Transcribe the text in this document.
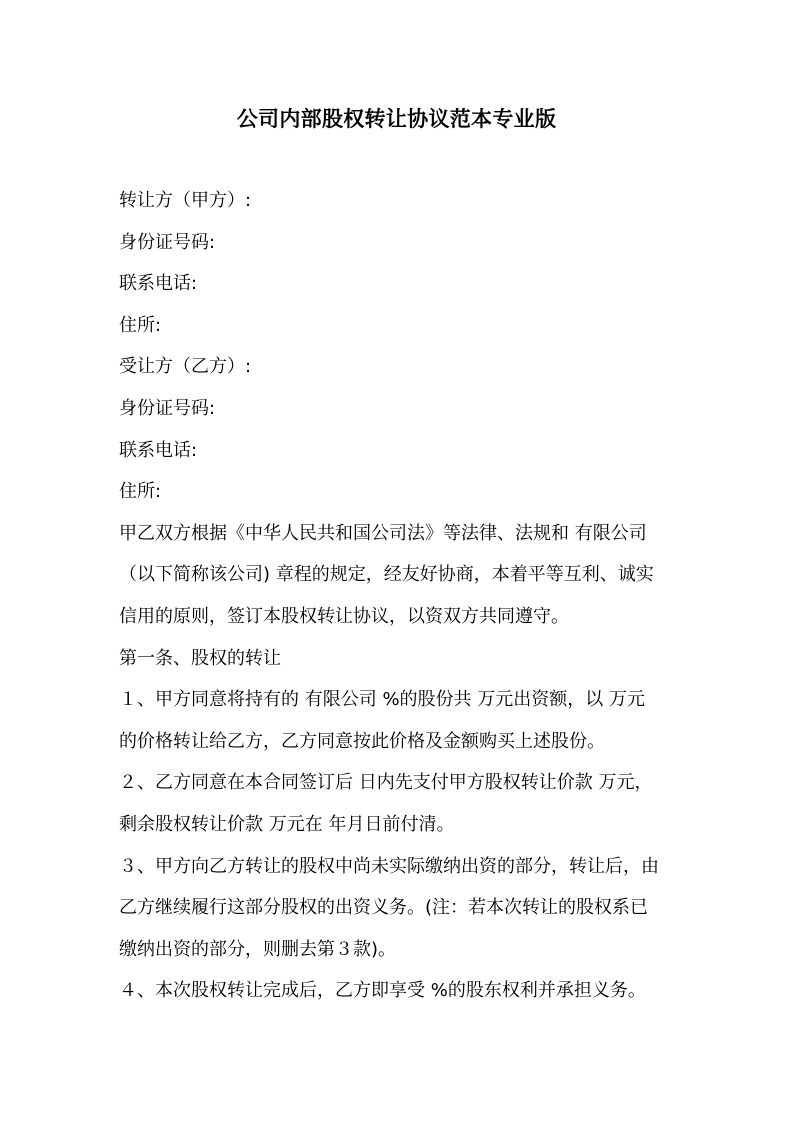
公司内部股权转让协议范本专业版
转让方（甲方）:
身份证号码:
联系电话:
住所:
受让方（乙方）:
身份证号码:
联系电话:
住所:
甲乙双方根据《中华人民共和国公司法》等法律、法规和 有限公司
（以下简称该公司) 章程的规定，经友好协商，本着平等互利、诚实
信用的原则，签订本股权转让协议，以资双方共同遵守。
第一条、股权的转让
１、甲方同意将持有的 有限公司 %的股份共 万元出资额，以 万元
的价格转让给乙方，乙方同意按此价格及金额购买上述股份。
２、乙方同意在本合同签订后 日内先支付甲方股权转让价款 万元，
剩余股权转让价款 万元在 年月日前付清。
３、甲方向乙方转让的股权中尚未实际缴纳出资的部分，转让后，由
乙方继续履行这部分股权的出资义务。(注：若本次转让的股权系已
缴纳出资的部分，则删去第３款)。
４、本次股权转让完成后，乙方即享受 %的股东权利并承担义务。
